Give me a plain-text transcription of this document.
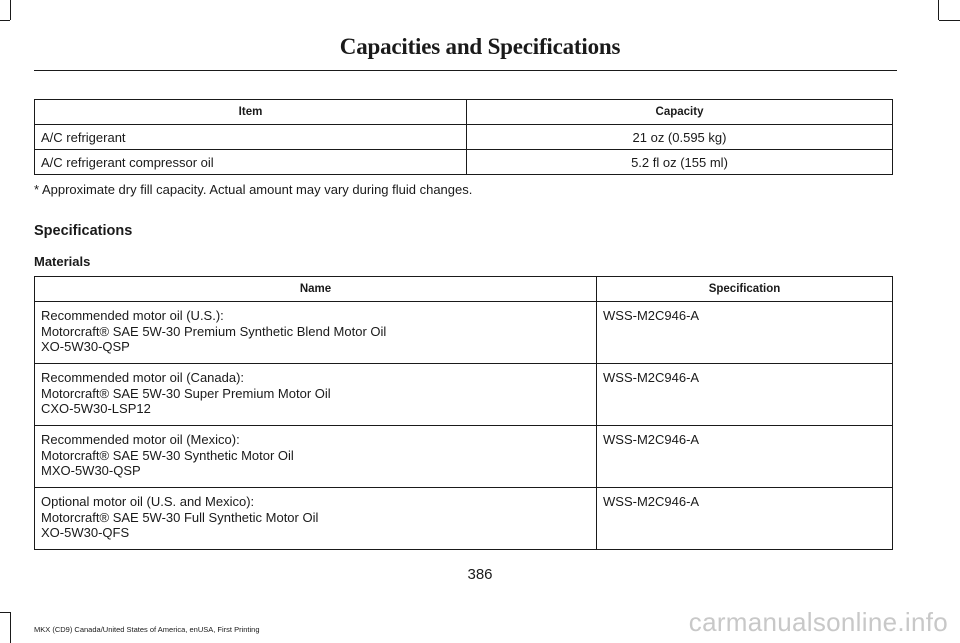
Capacities and Specifications
Item	Capacity
A/C refrigerant	21 oz (0.595 kg)
A/C refrigerant compressor oil	5.2 fl oz (155 ml)
* Approximate dry fill capacity. Actual amount may vary during fluid changes.
Specifications
Materials
Name	Specification

Recommended motor oil (U.S.):
Motorcraft® SAE 5W-30 Premium Synthetic Blend Motor Oil
XO-5W30-QSP	WSS-M2C946-A

Recommended motor oil (Canada):
Motorcraft® SAE 5W-30 Super Premium Motor Oil
CXO-5W30-LSP12	WSS-M2C946-A

Recommended motor oil (Mexico):
Motorcraft® SAE 5W-30 Synthetic Motor Oil
MXO-5W30-QSP	WSS-M2C946-A

Optional motor oil (U.S. and Mexico):
Motorcraft® SAE 5W-30 Full Synthetic Motor Oil
XO-5W30-QFS	WSS-M2C946-A
386
MKX (CD9) Canada/United States of America, enUSA, First Printing	carmanualsonline.info
